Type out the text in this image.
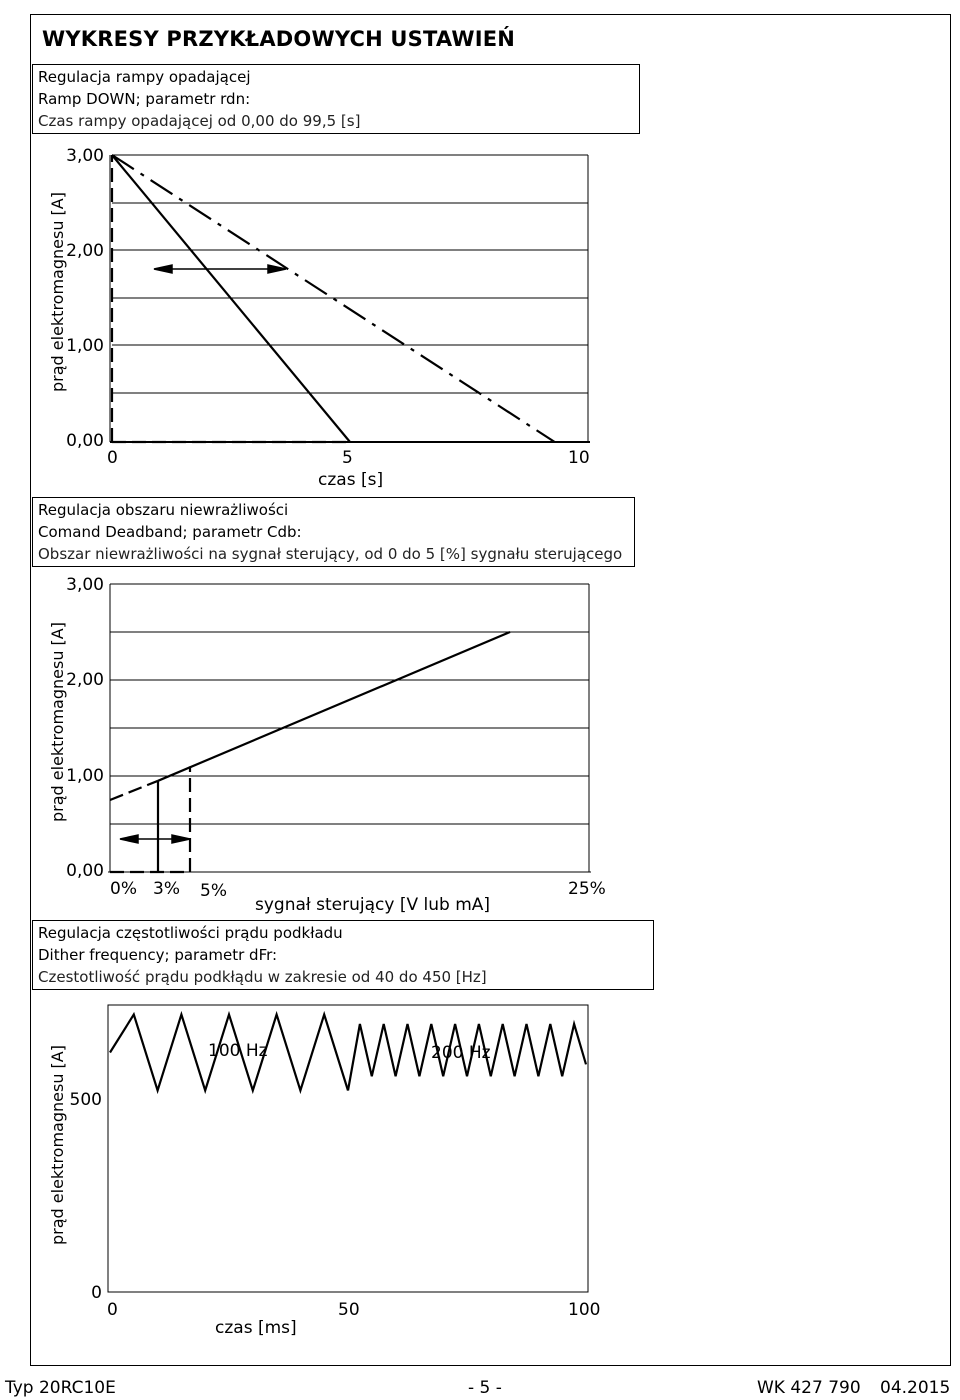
WYKRESY PRZYKŁADOWYCH USTAWIEŃ
Regulacja rampy opadającej
Ramp DOWN; parametr rdn:
Czas rampy opadającej od 0,00 do 99,5 [s]
Regulacja obszaru niewrażliwości
Comand Deadband; parametr Cdb:
Obszar niewrażliwości na sygnał sterujący, od 0 do 5 [%] sygnału sterującego
Regulacja częstotliwości prądu podkładu
Dither frequency; parametr dFr:
Czestotliwość prądu podkłądu w zakresie od 40 do 450 [Hz]
prąd elektromagnesu [A]
3,00
2,00
1,00
0,00
0	5	10
czas [s]
prąd elektromagnesu [A]
3,00
2,00
1,00
0,00
0% 3% 5%	25%
sygnał sterujący [V lub mA]
prąd elektromagnesu [A] 500
0
0	50	100
czas [ms]
100 Hz	200 Hz
Typ 20RC10E	- 5 -	WK 427 790 04.2015
